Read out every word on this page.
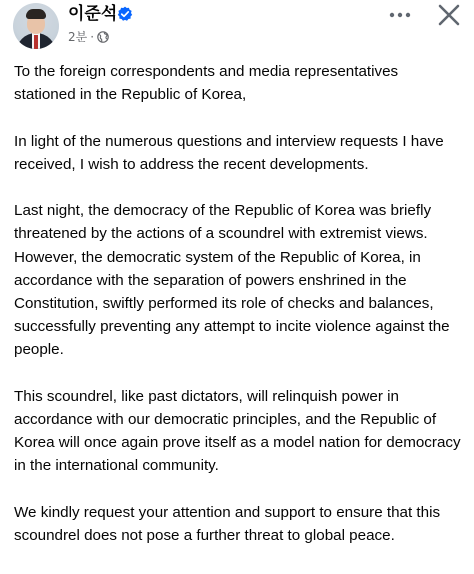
이준석
2분 ·

To the foreign correspondents and media representatives stationed in the Republic of Korea,

In light of the numerous questions and interview requests I have received, I wish to address the recent developments.

Last night, the democracy of the Republic of Korea was briefly threatened by the actions of a scoundrel with extremist views. However, the democratic system of the Republic of Korea, in accordance with the separation of powers enshrined in the Constitution, swiftly performed its role of checks and balances, successfully preventing any attempt to incite violence against the people.

This scoundrel, like past dictators, will relinquish power in accordance with our democratic principles, and the Republic of Korea will once again prove itself as a model nation for democracy in the international community.

We kindly request your attention and support to ensure that this scoundrel does not pose a further threat to global peace.
